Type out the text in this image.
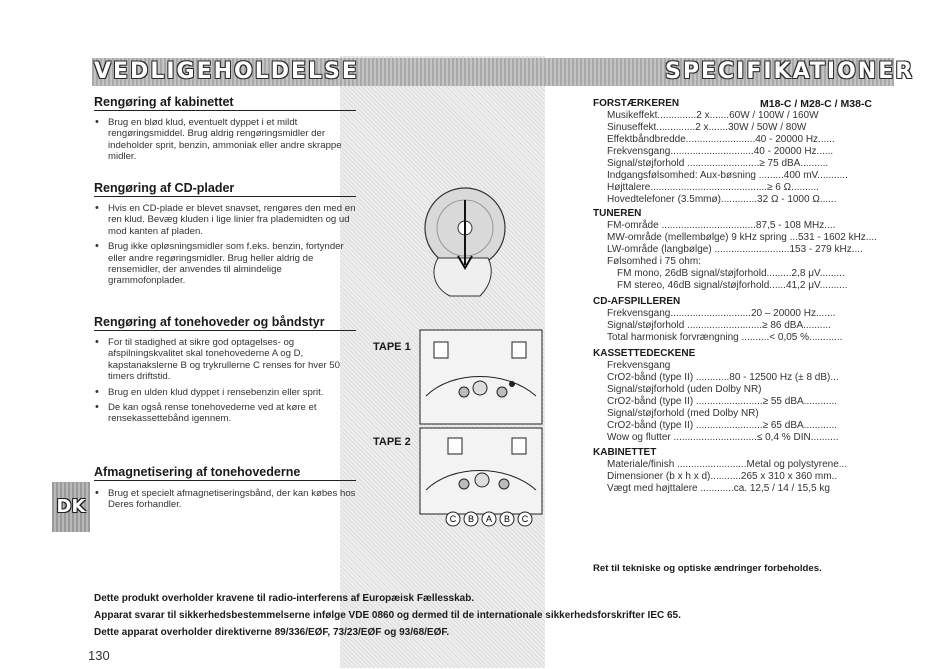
VEDLIGEHOLDELSE	SPECIFIKATIONER
Rengøring af kabinettet
• Brug en blød klud, eventuelt dyppet i et mildt rengøringsmiddel. Brug aldrig rengøringsmidler der indeholder sprit, benzin, ammoniak eller andre skrappe midler.
Rengøring af CD-plader
• Hvis en CD-plade er blevet snavset, rengøres den med en ren klud. Bevæg kluden i lige linier fra plademidten og ud mod kanten af pladen.
• Brug ikke opløsningsmidler som f.eks. benzin, fortynder eller andre regøringsmidler. Brug heller aldrig de rensemidler, der anvendes til almindelige grammofonplader.
Rengøring af tonehoveder og båndstyr
• For til stadighed at sikre god optagelses- og afspilningskvalitet skal tonehovederne A og D, kapstanakslerne B og trykrullerne C renses for hver 50 timers driftstid.
• Brug en ulden klud dyppet i rensebenzin eller sprit.
• De kan også rense tonehovederne ved at køre et rensekassettebånd igennem.
Afmagnetisering af tonehovederne
• Brug et specielt afmagnetiseringsbånd, der kan købes hos Deres forhandler.
DK
TAPE 1
TAPE 2
C B A B C
FORSTÆRKEREN	M18-C / M28-C / M38-C
Musikeffekt..............2 x.......60W / 100W / 160W
Sinuseffekt..............2 x.......30W / 50W / 80W
Effektbåndbredde.........................40 - 20000 Hz......
Frekvensgang..............................40 - 20000 Hz......
Signal/støjforhold ..........................≥ 75 dBA..........
Indgangsfølsomhed: Aux-bøsning .........400 mV...........
Højttalere..........................................≥ 6 Ω..........
Hovedtelefoner (3.5mmø).............32 Ω - 1000 Ω......
TUNEREN
FM-område ..................................87,5 - 108 MHz....
MW-område (mellembølge) 9 kHz spring ...531 - 1602 kHz....
LW-område (langbølge) ...........................153 - 279 kHz....
Følsomhed i 75 ohm:
FM mono, 26dB signal/støjforhold.........2,8 μV.........
FM stereo, 46dB signal/støjforhold......41,2 μV..........
CD-AFSPILLEREN
Frekvensgang.............................20 – 20000 Hz.......
Signal/støjforhold ...........................≥ 86 dBA..........
Total harmonisk forvrængning ..........< 0,05 %............
KASSETTEDECKENE
Frekvensgang
CrO2-bånd (type II) ............80 - 12500 Hz (± 8 dB)...
Signal/støjforhold (uden Dolby NR)
CrO2-bånd (type II) ........................≥ 55 dBA............
Signal/støjforhold (med Dolby NR)
CrO2-bånd (type II) ........................≥ 65 dBA............
Wow og flutter ..............................≤ 0,4 % DIN..........
KABINETTET
Materiale/finish .........................Metal og polystyrene...
Dimensioner (b x h x d)...........265 x 310 x 360 mm..
Vægt med højttalere ............ca. 12,5 / 14 / 15,5 kg
Ret til tekniske og optiske ændringer forbeholdes.
Dette produkt overholder kravene til radio-interferens af Europæisk Fællesskab.
Apparat svarar til sikkerhedsbestemmelserne infølge VDE 0860 og dermed til de internationale sikkerhedsforskrifter IEC 65.
Dette apparat overholder direktiverne 89/336/EØF, 73/23/EØF og 93/68/EØF.
130
